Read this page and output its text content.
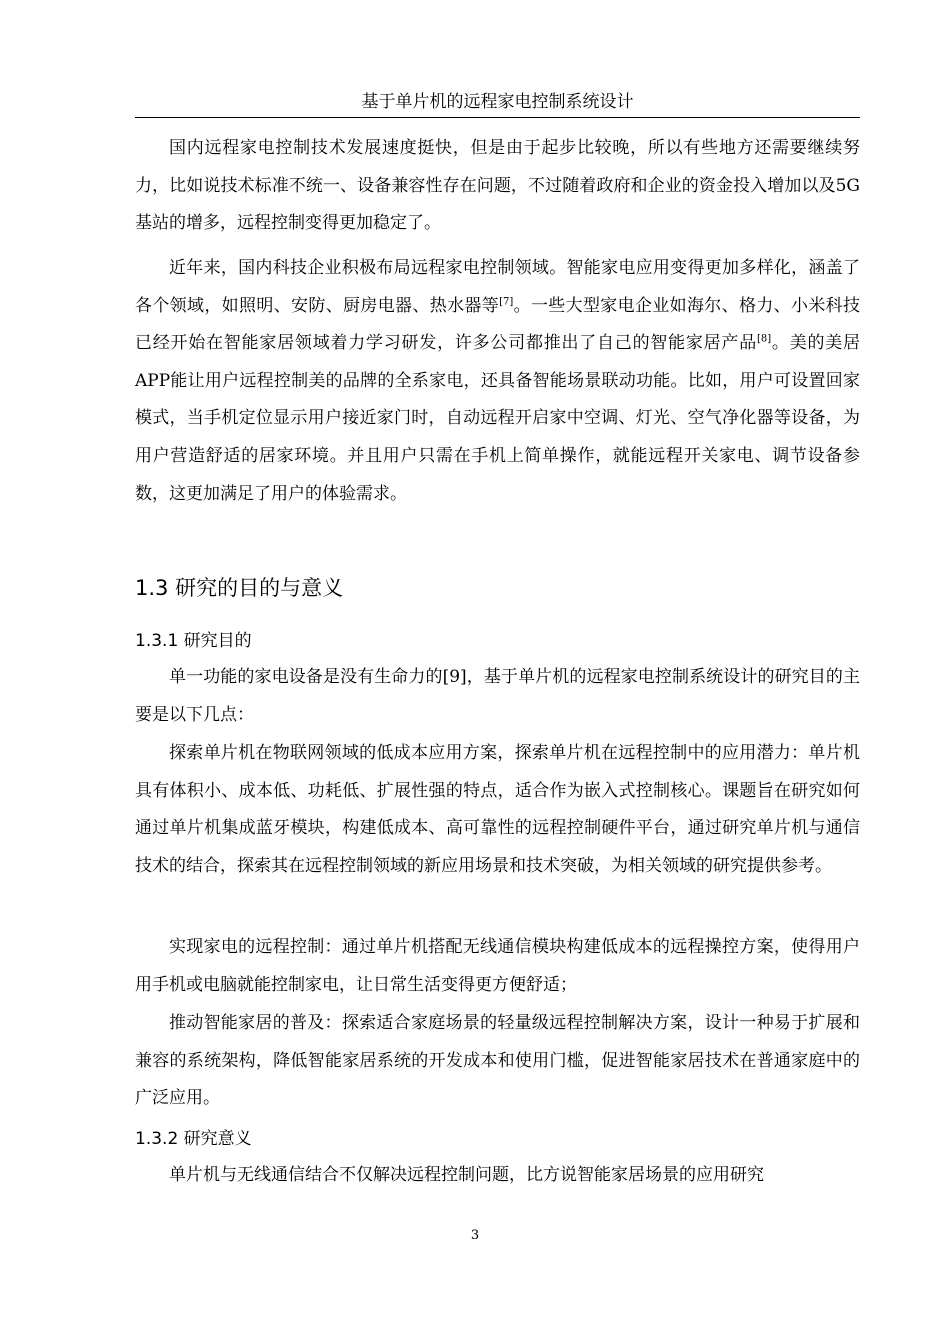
基于单片机的远程家电控制系统设计

国内远程家电控制技术发展速度挺快，但是由于起步比较晚，所以有些地方还需要继续努力，比如说技术标准不统一、设备兼容性存在问题，不过随着政府和企业的资金投入增加以及5G基站的增多，远程控制变得更加稳定了。

近年来，国内科技企业积极布局远程家电控制领域。智能家电应用变得更加多样化，涵盖了各个领域，如照明、安防、厨房电器、热水器等[7]。一些大型家电企业如海尔、格力、小米科技已经开始在智能家居领域着力学习研发，许多公司都推出了自己的智能家居产品[8]。美的美居APP能让用户远程控制美的品牌的全系家电，还具备智能场景联动功能。比如，用户可设置回家模式，当手机定位显示用户接近家门时，自动远程开启家中空调、灯光、空气净化器等设备，为用户营造舒适的居家环境。并且用户只需在手机上简单操作，就能远程开关家电、调节设备参数，这更加满足了用户的体验需求。

1.3 研究的目的与意义
1.3.1 研究目的

单一功能的家电设备是没有生命力的[9]，基于单片机的远程家电控制系统设计的研究目的主要是以下几点：

探索单片机在物联网领域的低成本应用方案，探索单片机在远程控制中的应用潜力：单片机具有体积小、成本低、功耗低、扩展性强的特点，适合作为嵌入式控制核心。课题旨在研究如何通过单片机集成蓝牙模块，构建低成本、高可靠性的远程控制硬件平台，通过研究单片机与通信技术的结合，探索其在远程控制领域的新应用场景和技术突破，为相关领域的研究提供参考。

实现家电的远程控制：通过单片机搭配无线通信模块构建低成本的远程操控方案，使得用户用手机或电脑就能控制家电，让日常生活变得更方便舒适；

推动智能家居的普及：探索适合家庭场景的轻量级远程控制解决方案，设计一种易于扩展和兼容的系统架构，降低智能家居系统的开发成本和使用门槛，促进智能家居技术在普通家庭中的广泛应用。

1.3.2 研究意义

单片机与无线通信结合不仅解决远程控制问题，比方说智能家居场景的应用研究

3
